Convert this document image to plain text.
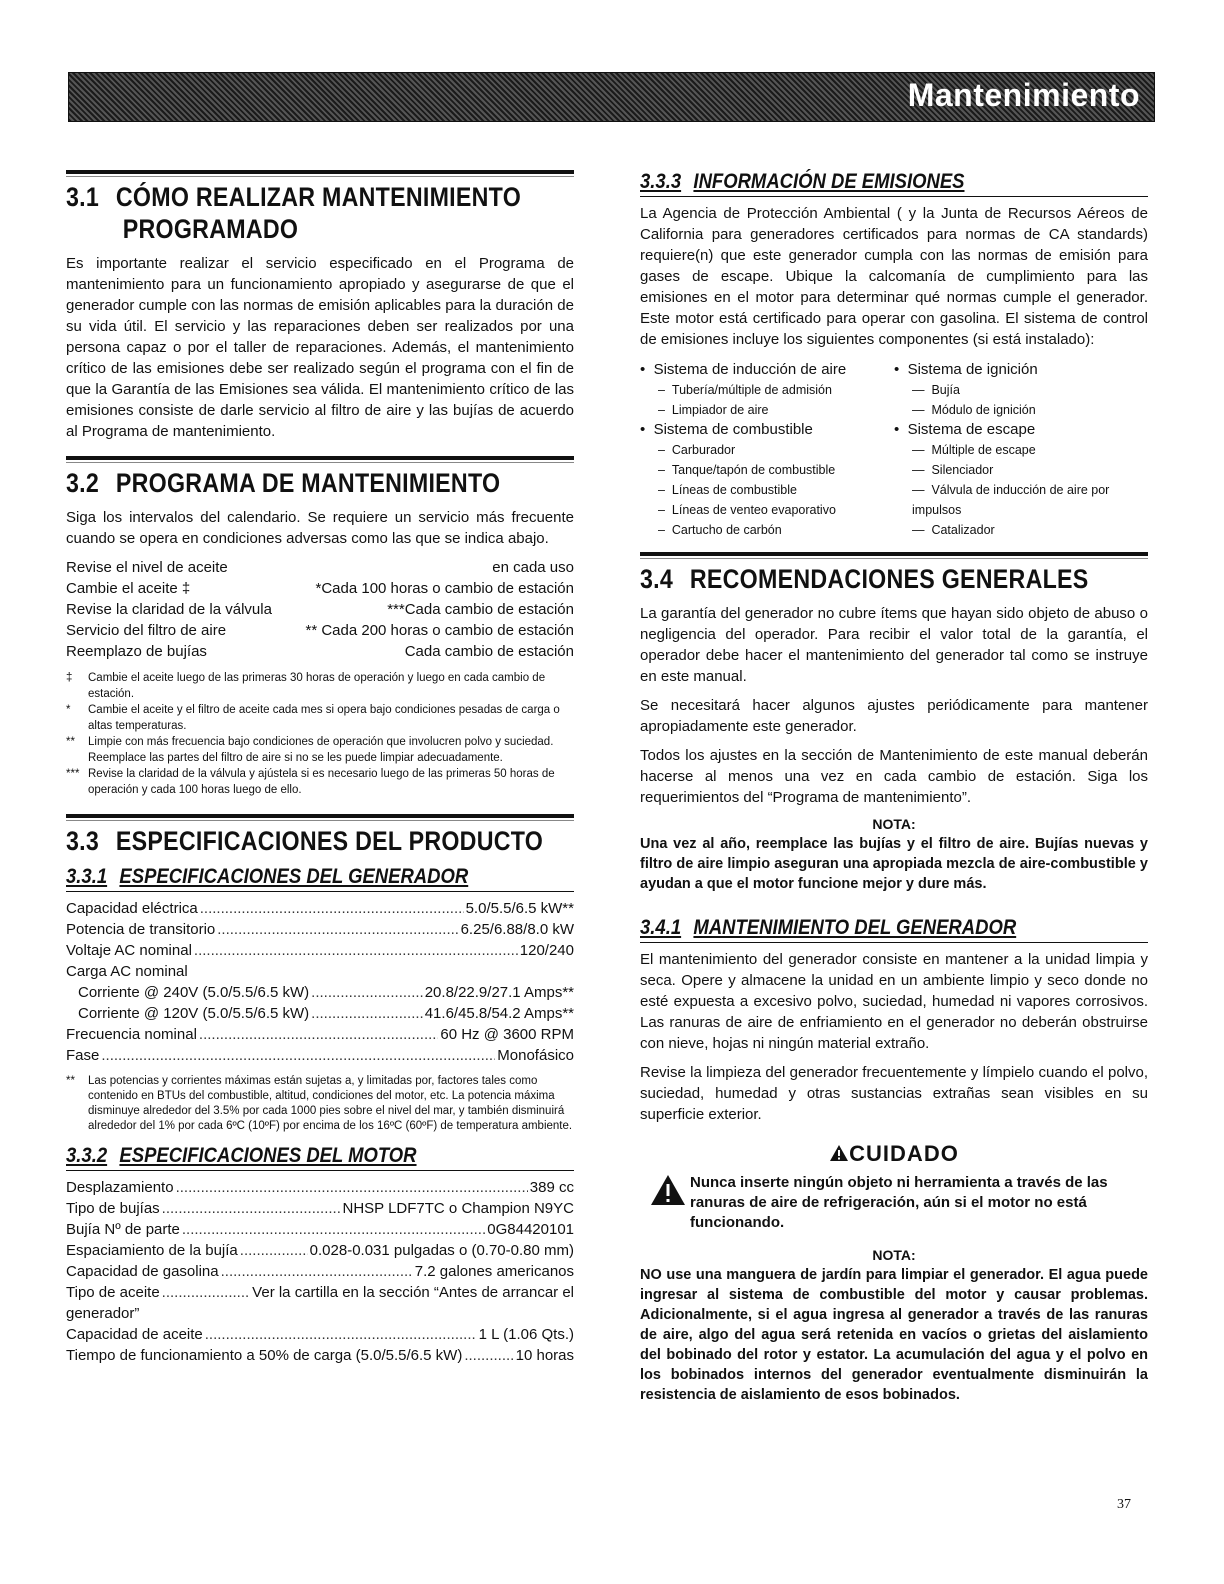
Mantenimiento
3.1 CÓMO REALIZAR MANTENIMIENTO
PROGRAMADO

Es importante realizar el servicio especificado en el Programa de mantenimiento para un funcionamiento apropiado y asegurarse de que el generador cumple con las normas de emisión aplicables para la duración de su vida útil. El servicio y las reparaciones deben ser realizados por una persona capaz o por el taller de reparaciones. Además, el mantenimiento crítico de las emisiones debe ser realizado según el programa con el fin de que la Garantía de las Emisiones sea válida. El mantenimiento crítico de las emisiones consiste de darle servicio al filtro de aire y las bujías de acuerdo al Programa de mantenimiento.

3.2 PROGRAMA DE MANTENIMIENTO

Siga los intervalos del calendario. Se requiere un servicio más frecuente cuando se opera en condiciones adversas como las que se indica abajo.

Revise el nivel de aceite	en cada uso
Cambie el aceite ‡	*Cada 100 horas o cambio de estación
Revise la claridad de la válvula	***Cada cambio de estación
Servicio del filtro de aire	** Cada 200 horas o cambio de estación
Reemplazo de bujías	Cada cambio de estación
‡	Cambie el aceite luego de las primeras 30 horas de operación y luego en cada cambio de estación.
*	Cambie el aceite y el filtro de aceite cada mes si opera bajo condiciones pesadas de carga o altas temperaturas.
**	Limpie con más frecuencia bajo condiciones de operación que involucren polvo y suciedad. Reemplace las partes del filtro de aire si no se les puede limpiar adecuadamente.
*** Revise la claridad de la válvula y ajústela si es necesario luego de las primeras 50 horas de operación y cada 100 horas luego de ello.
3.3 ESPECIFICACIONES DEL PRODUCTO
3.3.1 ESPECIFICACIONES DEL GENERADOR
Capacidad eléctrica .....	5.0/5.5/6.5 kW**
Potencia de transitorio .....	6.25/6.88/8.0 kW
Voltaje AC nominal .....	120/240
Carga AC nominal
Corriente @ 240V (5.0/5.5/6.5 kW) .....	20.8/22.9/27.1 Amps**
Corriente @ 120V (5.0/5.5/6.5 kW) .....	41.6/45.8/54.2 Amps**
Frecuencia nominal .....	60 Hz @ 3600 RPM
Fase .....	Monofásico
**	Las potencias y corrientes máximas están sujetas a, y limitadas por, factores tales como contenido en BTUs del combustible, altitud, condiciones del motor, etc. La potencia máxima disminuye alrededor del 3.5% por cada 1000 pies sobre el nivel del mar, y también disminuirá alrededor del 1% por cada 6ºC (10ºF) por encima de los 16ºC (60ºF) de temperatura ambiente.
3.3.2 ESPECIFICACIONES DEL MOTOR
Desplazamiento .....	389 cc
Tipo de bujías .....	NHSP LDF7TC o Champion N9YC
Bujía Nº de parte .....	0G84420101
Espaciamiento de la bujía .....	0.028-0.031 pulgadas o (0.70-0.80 mm)
Capacidad de gasolina .....	7.2 galones americanos
Tipo de aceite .....	Ver la cartilla en la sección “Antes de arrancar el
generador”
Capacidad de aceite .....	1 L (1.06 Qts.)
Tiempo de funcionamiento a 50% de carga (5.0/5.5/6.5 kW) .....	10 horas
3.3.3 INFORMACIÓN DE EMISIONES

La Agencia de Protección Ambiental ( y la Junta de Recursos Aéreos de California para generadores certificados para normas de CA standards) requiere(n) que este generador cumpla con las normas de emisión para gases de escape. Ubique la calcomanía de cumplimiento para las emisiones en el motor para determinar qué normas cumple el generador. Este motor está certificado para operar con gasolina. El sistema de control de emisiones incluye los siguientes componentes (si está instalado):

•  Sistema de inducción de aire
–  Tubería/múltiple de admisión
–  Limpiador de aire
•  Sistema de combustible
–  Carburador
–  Tanque/tapón de combustible
–  Líneas de combustible
–  Líneas de venteo evaporativo
–  Cartucho de carbón
•  Sistema de ignición
—  Bujía
—  Módulo de ignición
•  Sistema de escape
—  Múltiple de escape
—  Silenciador
—  Válvula de inducción de aire por impulsos
—  Catalizador
3.4 RECOMENDACIONES GENERALES

La garantía del generador no cubre ítems que hayan sido objeto de abuso o negligencia del operador. Para recibir el valor total de la garantía, el operador debe hacer el mantenimiento del generador tal como se instruye en este manual.

Se necesitará hacer algunos ajustes periódicamente para mantener apropiadamente este generador.

Todos los ajustes en la sección de Mantenimiento de este manual deberán hacerse al menos una vez en cada cambio de estación. Siga los requerimientos del “Programa de mantenimiento”.

NOTA:

Una vez al año, reemplace las bujías y el filtro de aire. Bujías nuevas y filtro de aire limpio aseguran una apropiada mezcla de aire-combustible y ayudan a que el motor funcione mejor y dure más.

3.4.1 MANTENIMIENTO DEL GENERADOR

El mantenimiento del generador consiste en mantener a la unidad limpia y seca. Opere y almacene la unidad en un ambiente limpio y seco donde no esté expuesta a excesivo polvo, suciedad, humedad ni vapores corrosivos. Las ranuras de aire de enfriamiento en el generador no deberán obstruirse con nieve, hojas ni ningún material extraño.

Revise la limpieza del generador frecuentemente y límpielo cuando el polvo, suciedad, humedad y otras sustancias extrañas sean visibles en su superficie exterior.

CUIDADO
Nunca inserte ningún objeto ni herramienta a través de las ranuras de aire de refrigeración, aún si el motor no está funcionando.
NOTA:

NO use una manguera de jardín para limpiar el generador. El agua puede ingresar al sistema de combustible del motor y causar problemas. Adicionalmente, si el agua ingresa al generador a través de las ranuras de aire, algo del agua será retenida en vacíos o grietas del aislamiento del bobinado del rotor y estator. La acumulación del agua y el polvo en los bobinados internos del generador eventualmente disminuirán la resistencia de aislamiento de esos bobinados.

37
